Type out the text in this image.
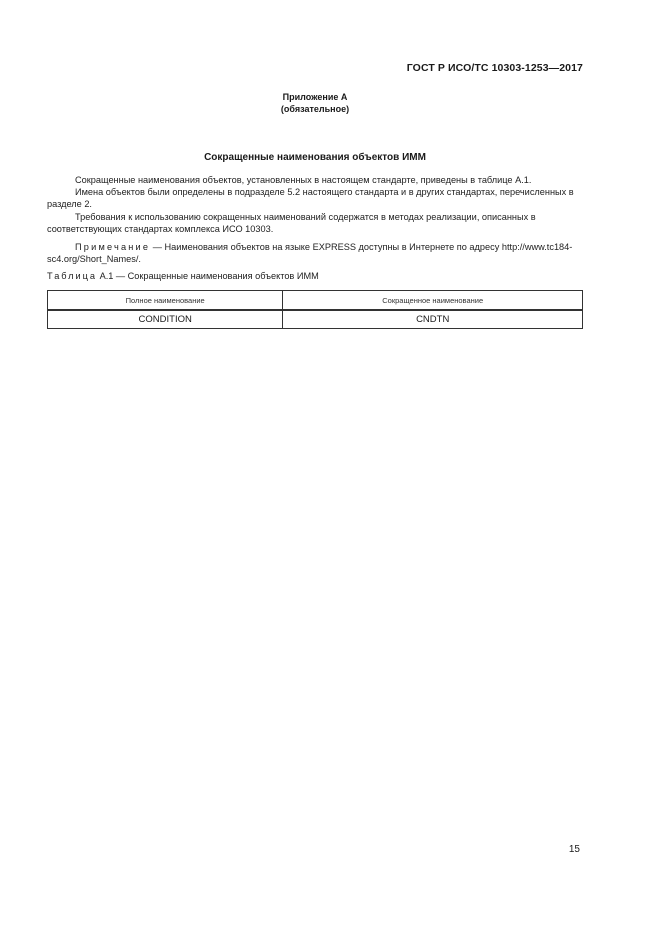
ГОСТ Р ИСО/ТС 10303-1253—2017
Приложение А
(обязательное)
Сокращенные наименования объектов ИММ
Сокращенные наименования объектов, установленных в настоящем стандарте, приведены в таблице А.1.
Имена объектов были определены в подразделе 5.2 настоящего стандарта и в других стандартах, перечисленных в разделе 2.
Требования к использованию сокращенных наименований содержатся в методах реализации, описанных в соответствующих стандартах комплекса ИСО 10303.
Примечание — Наименования объектов на языке EXPRESS доступны в Интернете по адресу http://www.tc184-sc4.org/Short_Names/.
Таблица А.1 — Сокращенные наименования объектов ИММ
Полное наименование	Сокращенное наименование
CONDITION	CNDTN
15
